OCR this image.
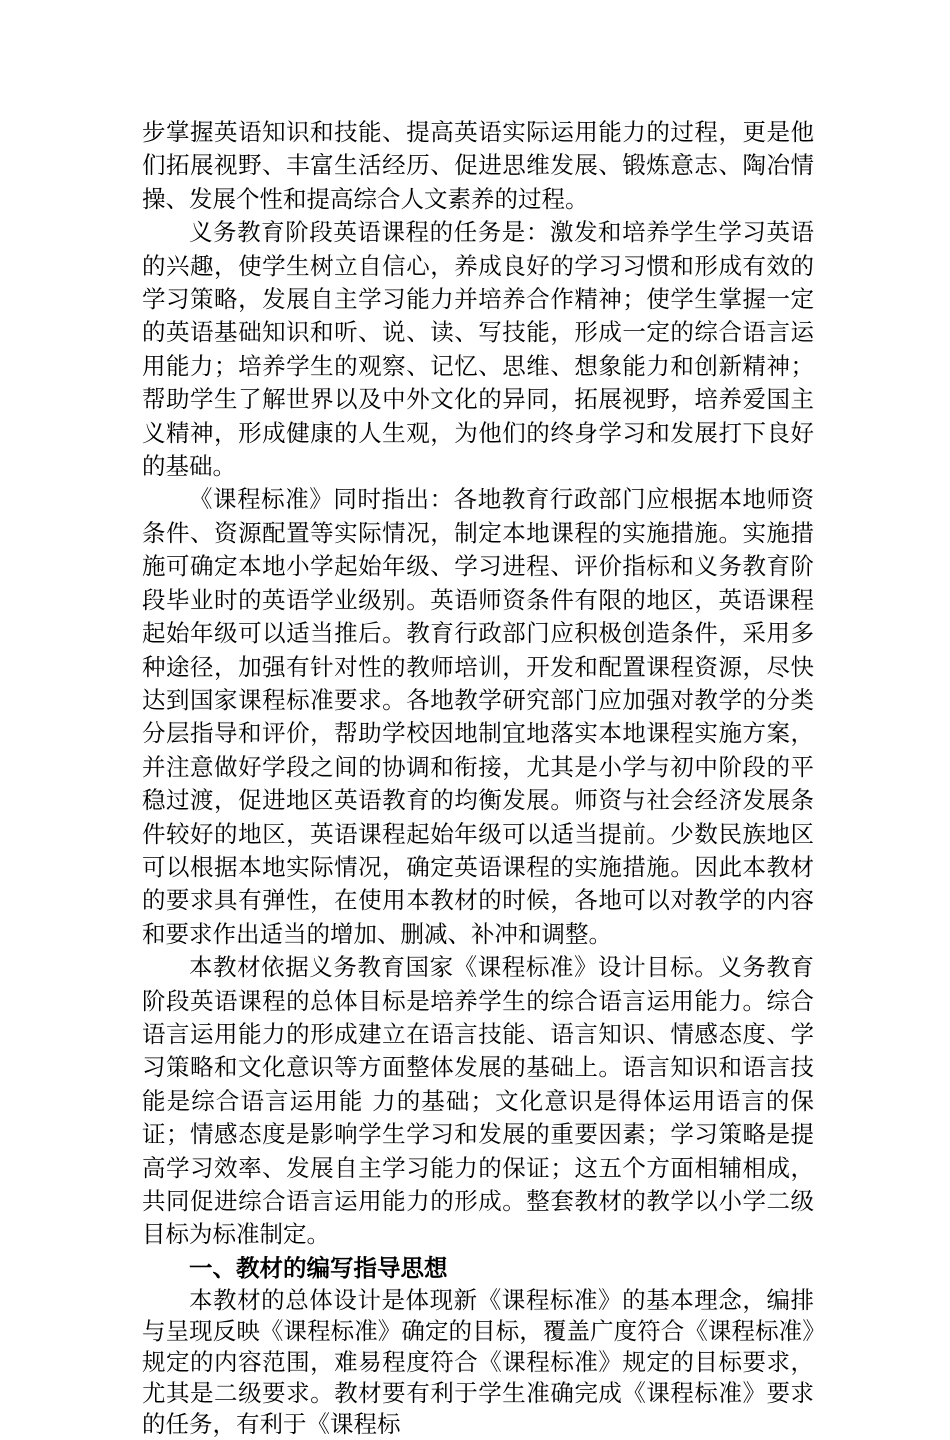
步掌握英语知识和技能、提高英语实际运用能力的过程，更是他们拓展视野、丰富生活经历、促进思维发展、锻炼意志、陶冶情操、发展个性和提高综合人文素养的过程。

义务教育阶段英语课程的任务是：激发和培养学生学习英语的兴趣，使学生树立自信心，养成良好的学习习惯和形成有效的学习策略，发展自主学习能力并培养合作精神；使学生掌握一定的英语基础知识和听、说、读、写技能，形成一定的综合语言运用能力；培养学生的观察、记忆、思维、想象能力和创新精神；帮助学生了解世界以及中外文化的异同，拓展视野，培养爱国主义精神，形成健康的人生观，为他们的终身学习和发展打下良好的基础。

《课程标准》同时指出：各地教育行政部门应根据本地师资条件、资源配置等实际情况，制定本地课程的实施措施。实施措施可确定本地小学起始年级、学习进程、评价指标和义务教育阶段毕业时的英语学业级别。英语师资条件有限的地区，英语课程起始年级可以适当推后。教育行政部门应积极创造条件，采用多种途径，加强有针对性的教师培训，开发和配置课程资源，尽快达到国家课程标准要求。各地教学研究部门应加强对教学的分类分层指导和评价，帮助学校因地制宜地落实本地课程实施方案，并注意做好学段之间的协调和衔接，尤其是小学与初中阶段的平稳过渡，促进地区英语教育的均衡发展。师资与社会经济发展条件较好的地区，英语课程起始年级可以适当提前。少数民族地区可以根据本地实际情况，确定英语课程的实施措施。因此本教材的要求具有弹性，在使用本教材的时候，各地可以对教学的内容和要求作出适当的增加、删减、补冲和调整。

本教材依据义务教育国家《课程标准》设计目标。义务教育阶段英语课程的总体目标是培养学生的综合语言运用能力。综合语言运用能力的形成建立在语言技能、语言知识、情感态度、学习策略和文化意识等方面整体发展的基础上。语言知识和语言技能是综合语言运用能 力的基础；文化意识是得体运用语言的保证；情感态度是影响学生学习和发展的重要因素；学习策略是提高学习效率、发展自主学习能力的保证；这五个方面相辅相成，共同促进综合语言运用能力的形成。整套教材的教学以小学二级目标为标准制定。

一、教材的编写指导思想

本教材的总体设计是体现新《课程标准》的基本理念，编排与呈现反映《课程标准》确定的目标，覆盖广度符合《课程标准》规定的内容范围，难易程度符合《课程标准》规定的目标要求，尤其是二级要求。教材要有利于学生准确完成《课程标准》要求的任务，有利于《课程标
